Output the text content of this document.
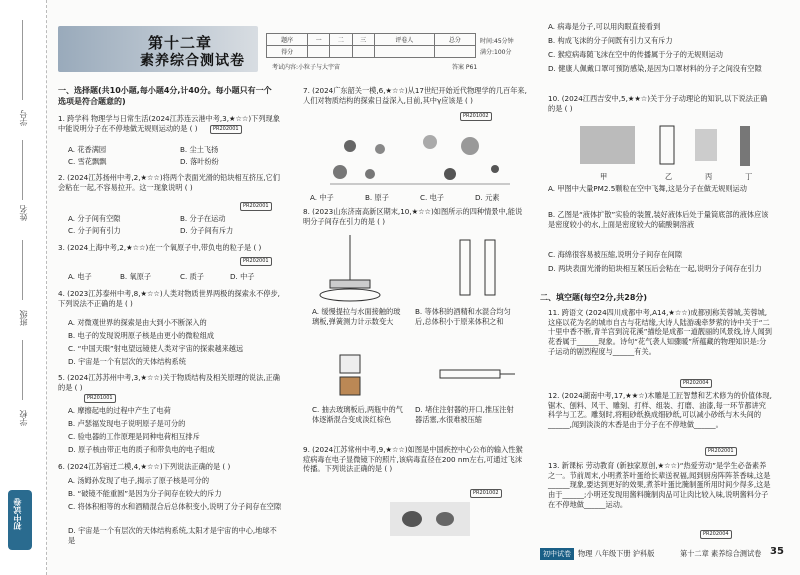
学号
姓名
班级
学校
初中试卷
第十二章
素养综合测试卷
题序	一	二	三	评卷人	总分
得分					
时间:45分钟
满分:100分
考试内容:小粒子与大宇宙	答案 P61
一、选择题(共10小题,每小题4分,计40分。每小题只有一个选项是符合题意的)
1. 跨学科 物理学与日常生活(2024江苏连云港中考,3,★☆☆)下列现象中能说明分子在不停地做无规则运动的是 ( )	PR202001
A. 花香满园	B. 尘土飞扬
C. 雪花飘飘	D. 落叶纷纷
2. (2024江苏扬州中考,2,★☆☆)将两个表面光滑的铅块相互挤压,它们会粘在一起,不容易拉开。这一现象说明 ( )
PR202001
A. 分子间有空隙	B. 分子在运动
C. 分子间有引力	D. 分子间有斥力
3. (2024上海中考,2,★☆☆)在一个氧原子中,带负电的粒子是 ( )
PR202001
A. 电子	B. 氧原子	C. 质子	D. 中子
4. (2023江苏泰州中考,8,★☆☆)人类对物质世界两极的探索永不停步,下列说法不正确的是 ( )
A. 对微观世界的探索是由大到小不断深入的
B. 电子的发现说明原子核是由更小的微粒组成
C. “中国天眼”射电望远镜使人类对宇宙的探索越来越远
D. 宇宙是一个有层次的天体结构系统
5. (2024江苏苏州中考,3,★☆☆)关于物质结构及相关原理的说法,正确的是 ( )
PR201001
A. 摩擦起电的过程中产生了电荷
B. 卢瑟福发现电子说明原子是可分的
C. 验电器的工作原理是同种电荷相互排斥
D. 原子核由带正电的质子和带负电的电子组成
6. (2024江苏宿迁二模,4,★☆☆)下列说法正确的是 ( )
A. 汤姆孙发现了电子,揭示了原子核是可分的
B. “破镜不能重圆”是因为分子间存在较大的斥力
C. 将体积相等的水和酒精混合后总体积变小,说明了分子间存在空隙
D. 宇宙是一个有层次的天体结构系统,太阳才是宇宙的中心,地球不是
7. (2024广东韶关一模,6,★☆☆)从17世纪开始近代物理学的几百年来,人们对物质结构的探索日益深入,目前,其中γ应该是 ( )
PR201002
A. 中子	B. 原子	C. 电子	D. 元素
8. (2023山东济南高新区期末,10,★☆☆)如图所示的四种情景中,能说明分子间存在引力的是 ( )
A. 缓慢提拉与水面接触的玻璃板,弹簧测力计示数变大
B. 等体积的酒精和水混合均匀后,总体积小于原来体积之和
C. 抽去玻璃板后,两瓶中的气体逐渐混合变成淡红棕色
D. 堵住注射器的开口,推压注射器活塞,水很难被压缩
9. (2024江苏常州中考,9,★☆☆)如图是中国疾控中心公布的输入性猴痘病毒在电子显微镜下的照片,该病毒直径在200 nm左右,可通过飞沫传播。下列说法正确的是 ( )
PR201002
A. 病毒是分子,可以用肉眼直接看到
B. 构成飞沫的分子间既有引力又有斥力
C. 猴痘病毒随飞沫在空中的传播属于分子的无规则运动
D. 健康人佩戴口罩可预防感染,是因为口罩材料的分子之间没有空隙
10. (2024江西吉安中,5,★★☆)关于分子动理论的知识,以下说法正确的是 ( )
甲	乙	丙	丁
A. 甲图中大量PM2.5颗粒在空中飞舞,这是分子在做无规则运动
B. 乙图是“液体扩散”实验的装置,装好液体后处于量筒底部的液体应该是密度较小的水,上面是密度较大的硫酸铜溶液
C. 海绵很容易被压缩,说明分子间存在间隙
D. 两块表面光滑的铅块相互紧压后会粘在一起,说明分子间存在引力
二、填空题(每空2分,共28分)
11. 跨语文 (2024四川成都中考,A14,★☆☆)成都别称芙蓉城,芙蓉城,这座以花为名的城市自古与花结缘,大诗人陆游魂牵梦萦的诗中关于“二十里中香不断,青羊宫到浣花溪”描绘是成都一道靓丽的风景线,诗人闻到花香属于______现象。诗句“花气袭人知骤暖”所蕴藏的物理知识是:分子运动的剧烈程度与______有关。
PR202004
12. (2024湖南中考,17,★★☆)木雕是工匠智慧和艺术修为的价值体现,锯木、刨料、风干、雕刻、打样、组装、打磨、油漆,每一环节都讲究科学与工艺。雕刻时,将粗砂纸换成细砂纸,可以减小砂纸与木头间的______,闻到淡淡的木香是由于分子在不停地做______。
PR202001
13. 新课标 劳动教育 (新独家原创,★☆☆)“热爱劳动”是学生必备素养之一。节前周末,小明煮茶叶蛋给长辈送祝福,闻到厨房阵阵茶香味,这是______现象,要达到更好的效果,煮茶叶蛋比腌制蛋所用时间少得多,这是由于______;小明还发现用酱料腌制肉品可让肉比较入味,说明酱料分子在不停地做______运动。
PR202004
初中试卷 物理 八年级下册 沪科版	第十二章 素养综合测试卷 35
